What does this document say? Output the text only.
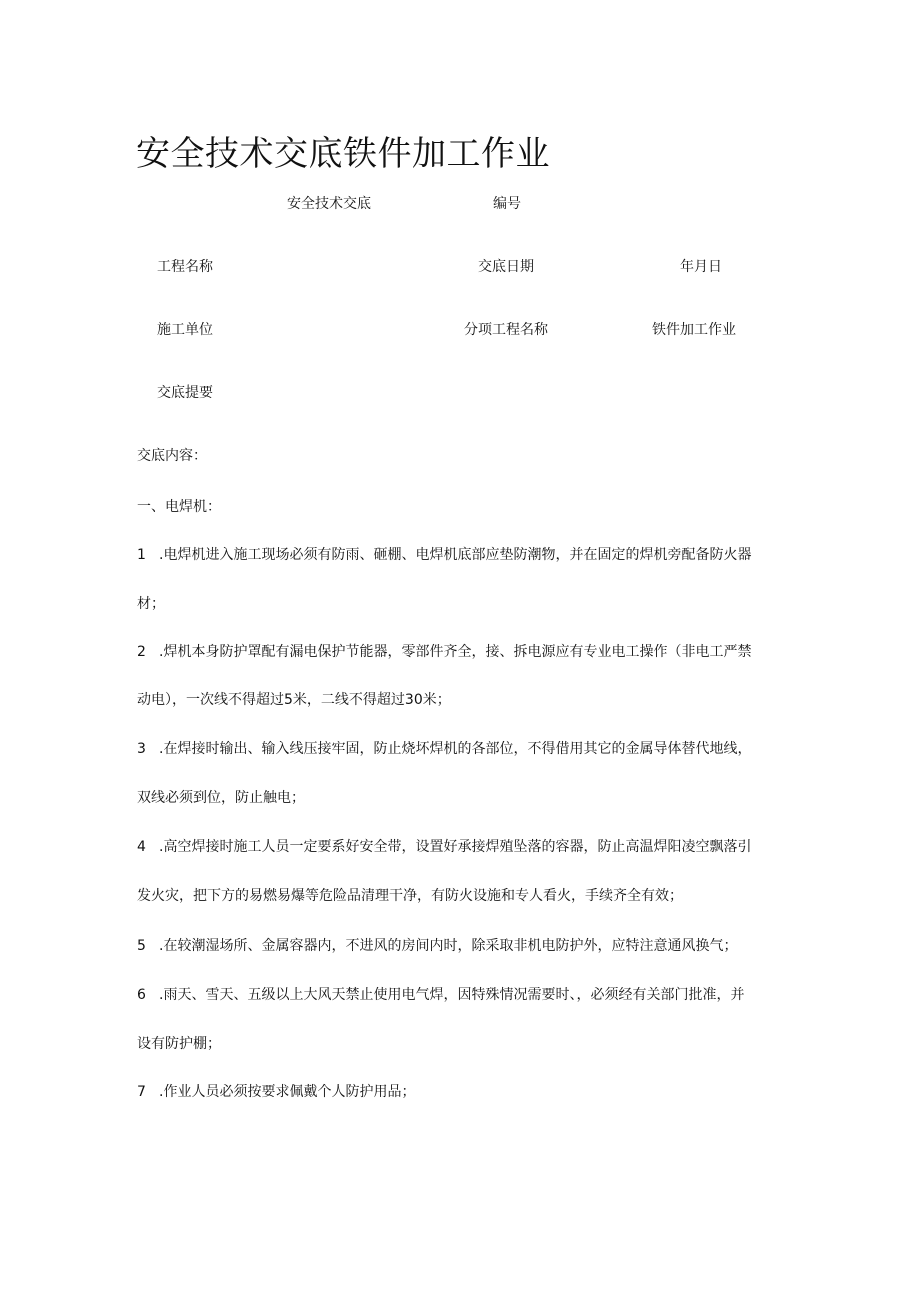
安全技术交底铁件加工作业
安全技术交底	编号
工程名称	交底日期	年月日
施工单位	分项工程名称	铁件加工作业
交底提要
交底内容：
一、电焊机：
1 .电焊机进入施工现场必须有防雨、砸棚、电焊机底部应垫防潮物，并在固定的焊机旁配备防火器
材；
2 .焊机本身防护罩配有漏电保护节能器，零部件齐全，接、拆电源应有专业电工操作（非电工严禁
动电），一次线不得超过5米，二线不得超过30米；
3 .在焊接时输出、输入线压接牢固，防止烧坏焊机的各部位，不得借用其它的金属导体替代地线，
双线必须到位，防止触电；
4 .高空焊接时施工人员一定要系好安全带，设置好承接焊殖坠落的容器，防止高温焊阳凌空飘落引
发火灾，把下方的易燃易爆等危险品清理干净，有防火设施和专人看火，手续齐全有效；
5 .在较潮湿场所、金属容器内，不进风的房间内时，除采取非机电防护外，应特注意通风换气；
6 .雨天、雪天、五级以上大风天禁止使用电气焊，因特殊情况需要时、，必须经有关部门批准，并
设有防护棚；
7 .作业人员必须按要求佩戴个人防护用品；
